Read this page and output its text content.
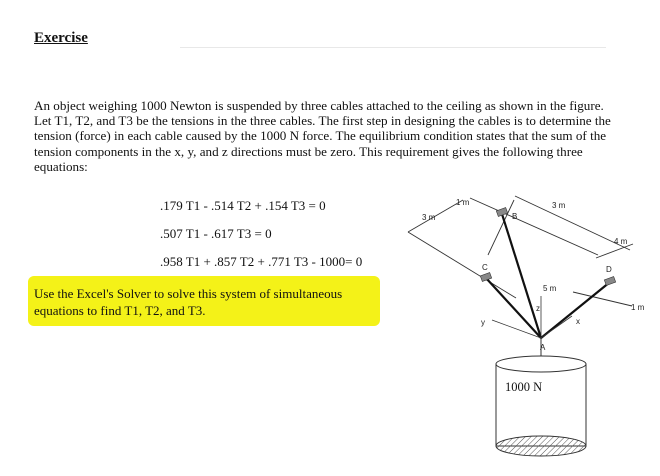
Exercise
An object weighing 1000 Newton is suspended by three cables attached to the ceiling as shown in the figure. Let T1, T2, and T3 be the tensions in the three cables. The first step in designing the cables is to determine the tension (force) in each cable caused by the 1000 N force. The equilibrium condition states that the sum of the tension components in the x, y, and z directions must be zero. This requirement gives the following three equations:
.179 T1 - .514 T2 + .154 T3 = 0
.507 T1 - .617 T3 = 0
.958 T1 + .857 T2 + .771 T3 - 1000= 0
Use the Excel's Solver to solve this system of simultaneous equations to find T1, T2, and T3.
1 m
3 m
3 m
4 m
5 m
1 m
B
C	D
A
z
y	x
1000 N
